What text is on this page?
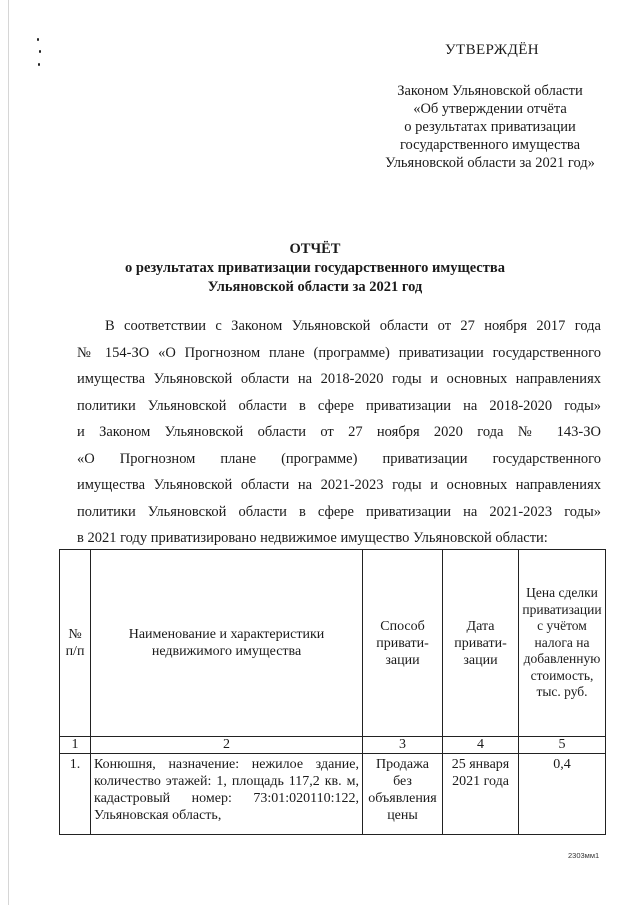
УТВЕРЖДЁН
Законом Ульяновской области
«Об утверждении отчёта
о результатах приватизации
государственного имущества
Ульяновской области за 2021 год»
ОТЧЁТ
о результатах приватизации государственного имущества
Ульяновской области за 2021 год
В соответствии с Законом Ульяновской области от 27 ноября 2017 года
№ 154-ЗО «О Прогнозном плане (программе) приватизации государственного
имущества Ульяновской области на 2018-2020 годы и основных направлениях
политики Ульяновской области в сфере приватизации на 2018-2020 годы»
и Законом Ульяновской области от 27 ноября 2020 года № 143-ЗО
«О Прогнозном плане (программе) приватизации государственного
имущества Ульяновской области на 2021-2023 годы и основных направлениях
политики Ульяновской области в сфере приватизации на 2021-2023 годы»
в 2021 году приватизировано недвижимое имущество Ульяновской области:
№ п/п	Наименование и характеристики недвижимого имущества	Способ привати-зации	Дата привати-зации	Цена сделки приватизации с учётом налога на добавленную стоимость, тыс. руб.
1	2	3	4	5
1.	Конюшня, назначение: нежилое здание, количество этажей: 1, площадь 117,2 кв. м, кадастровый номер: 73:01:020110:122, Ульяновская область,	Продажа без объявления цены	25 января 2021 года	0,4
2303мм1
